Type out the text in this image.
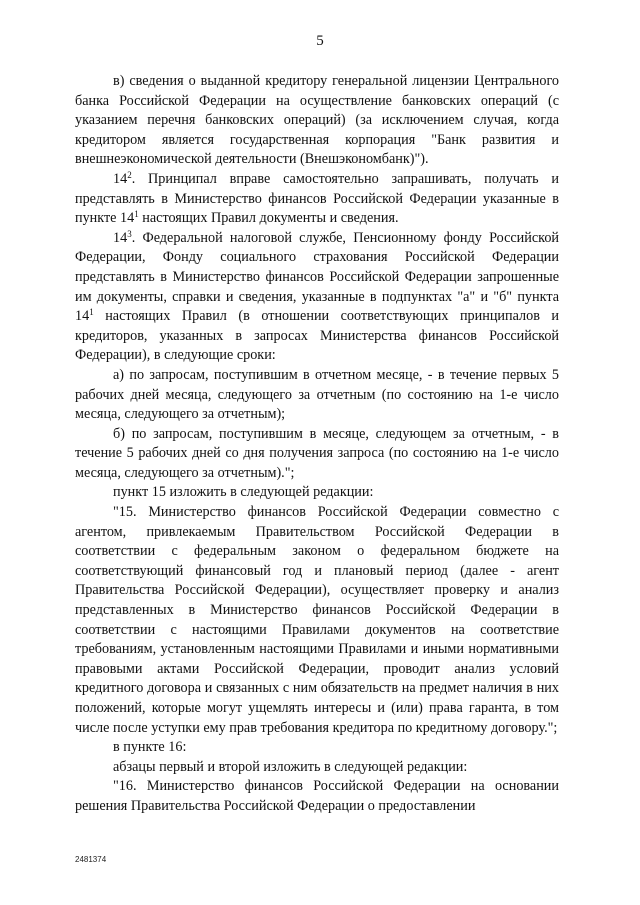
5

в) сведения о выданной кредитору генеральной лицензии Центрального банка Российской Федерации на осуществление банковских операций (с указанием перечня банковских операций) (за исключением случая, когда кредитором является государственная корпорация "Банк развития и внешнеэкономической деятельности (Внешэкономбанк)").

$14^2$. Принципал вправе самостоятельно запрашивать, получать и представлять в Министерство финансов Российской Федерации указанные в пункте $14^1$ настоящих Правил документы и сведения.

$14^3$. Федеральной налоговой службе, Пенсионному фонду Российской Федерации, Фонду социального страхования Российской Федерации представлять в Министерство финансов Российской Федерации запрошенные им документы, справки и сведения, указанные в подпунктах "а" и "б" пункта $14^1$ настоящих Правил (в отношении соответствующих принципалов и кредиторов, указанных в запросах Министерства финансов Российской Федерации), в следующие сроки:

а) по запросам, поступившим в отчетном месяце, - в течение первых 5 рабочих дней месяца, следующего за отчетным (по состоянию на 1-е число месяца, следующего за отчетным);

б) по запросам, поступившим в месяце, следующем за отчетным, - в течение 5 рабочих дней со дня получения запроса (по состоянию на 1-е число месяца, следующего за отчетным).";

пункт 15 изложить в следующей редакции:

"15. Министерство финансов Российской Федерации совместно с агентом, привлекаемым Правительством Российской Федерации в соответствии с федеральным законом о федеральном бюджете на соответствующий финансовый год и плановый период (далее - агент Правительства Российской Федерации), осуществляет проверку и анализ представленных в Министерство финансов Российской Федерации в соответствии с настоящими Правилами документов на соответствие требованиям, установленным настоящими Правилами и иными нормативными правовыми актами Российской Федерации, проводит анализ условий кредитного договора и связанных с ним обязательств на предмет наличия в них положений, которые могут ущемлять интересы и (или) права гаранта, в том числе после уступки ему прав требования кредитора по кредитному договору.";

в пункте 16:

абзацы первый и второй изложить в следующей редакции:

"16. Министерство финансов Российской Федерации на основании решения Правительства Российской Федерации о предоставлении

2481374
